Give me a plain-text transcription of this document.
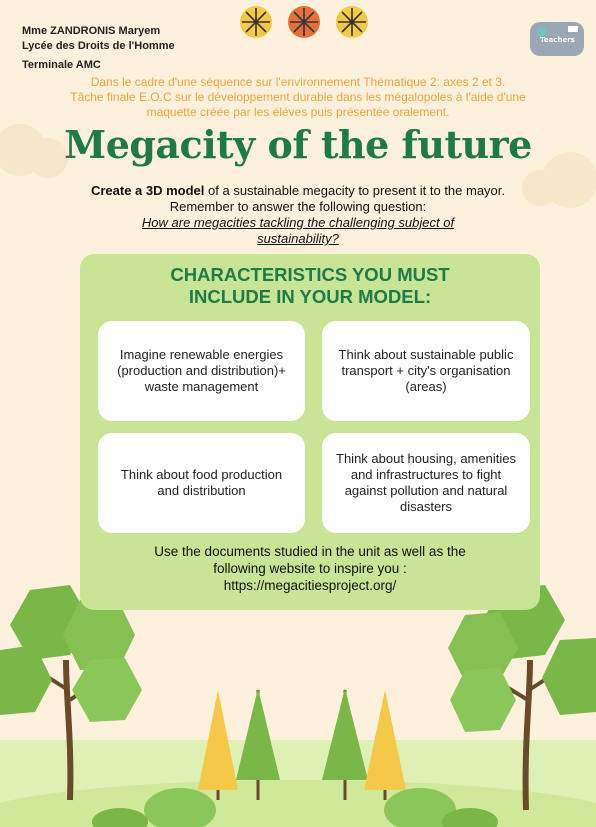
Mme ZANDRONIS Maryem
Lycée des Droits de l'Homme
Terminale AMC
Teachers
Dans le cadre d'une séquence sur l'environnement Thématique 2: axes 2 et 3.
Tâche finale E.O.C sur le développement durable dans les mégalopoles à l'aide d'une
maquette créée par les élèves puis présentée oralement.
Megacity of the future
Create a 3D model of a sustainable megacity to present it to the mayor.
Remember to answer the following question:
How are megacities tackling the challenging subject of
sustainability?
CHARACTERISTICS YOU MUST
INCLUDE IN YOUR MODEL:
Imagine renewable energies (production and distribution)+ waste management
Think about sustainable public transport + city's organisation (areas)
Think about food production and distribution
Think about housing, amenities and infrastructures to fight against pollution and natural disasters
Use the documents studied in the unit as well as the
following website to inspire you :
https://megacitiesproject.org/
